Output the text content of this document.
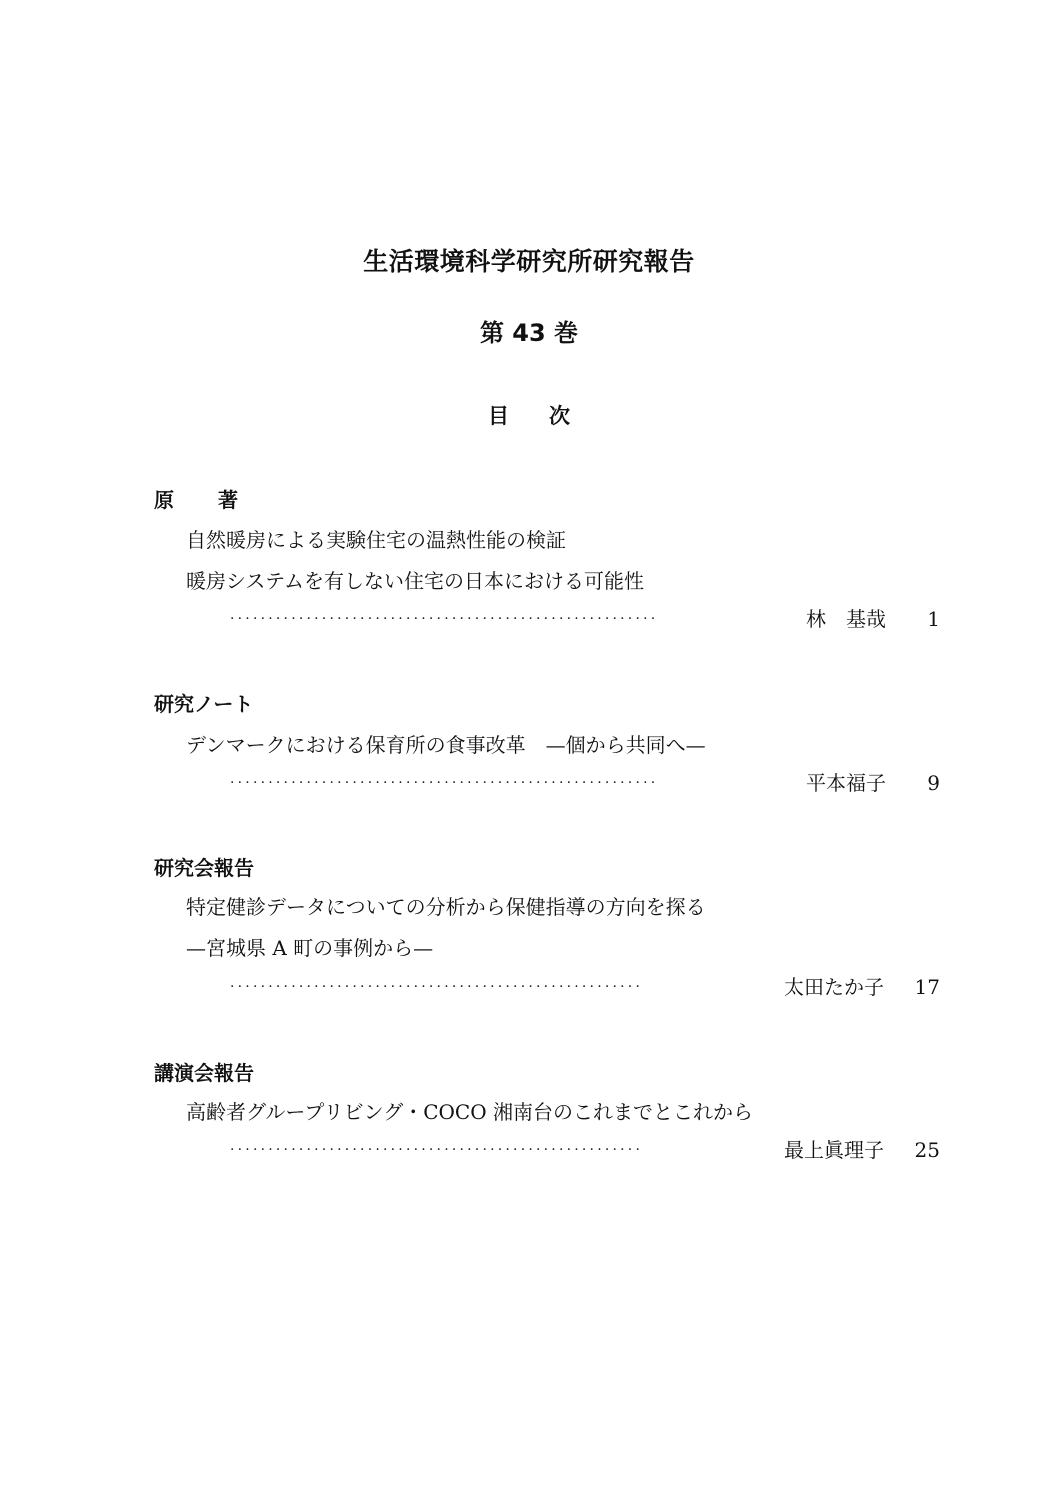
生活環境科学研究所研究報告
第 43 巻
目次
原著
自然暖房による実験住宅の温熱性能の検証
暖房システムを有しない住宅の日本における可能性
························································	林　基哉	1
研究ノート
デンマークにおける保育所の食事改革　—個から共同へ—
························································	平本福子	9
研究会報告
特定健診データについての分析から保健指導の方向を探る
—宮城県 A 町の事例から—
······················································	太田たか子	17
講演会報告
高齢者グループリビング・COCO 湘南台のこれまでとこれから
······················································	最上眞理子	25
